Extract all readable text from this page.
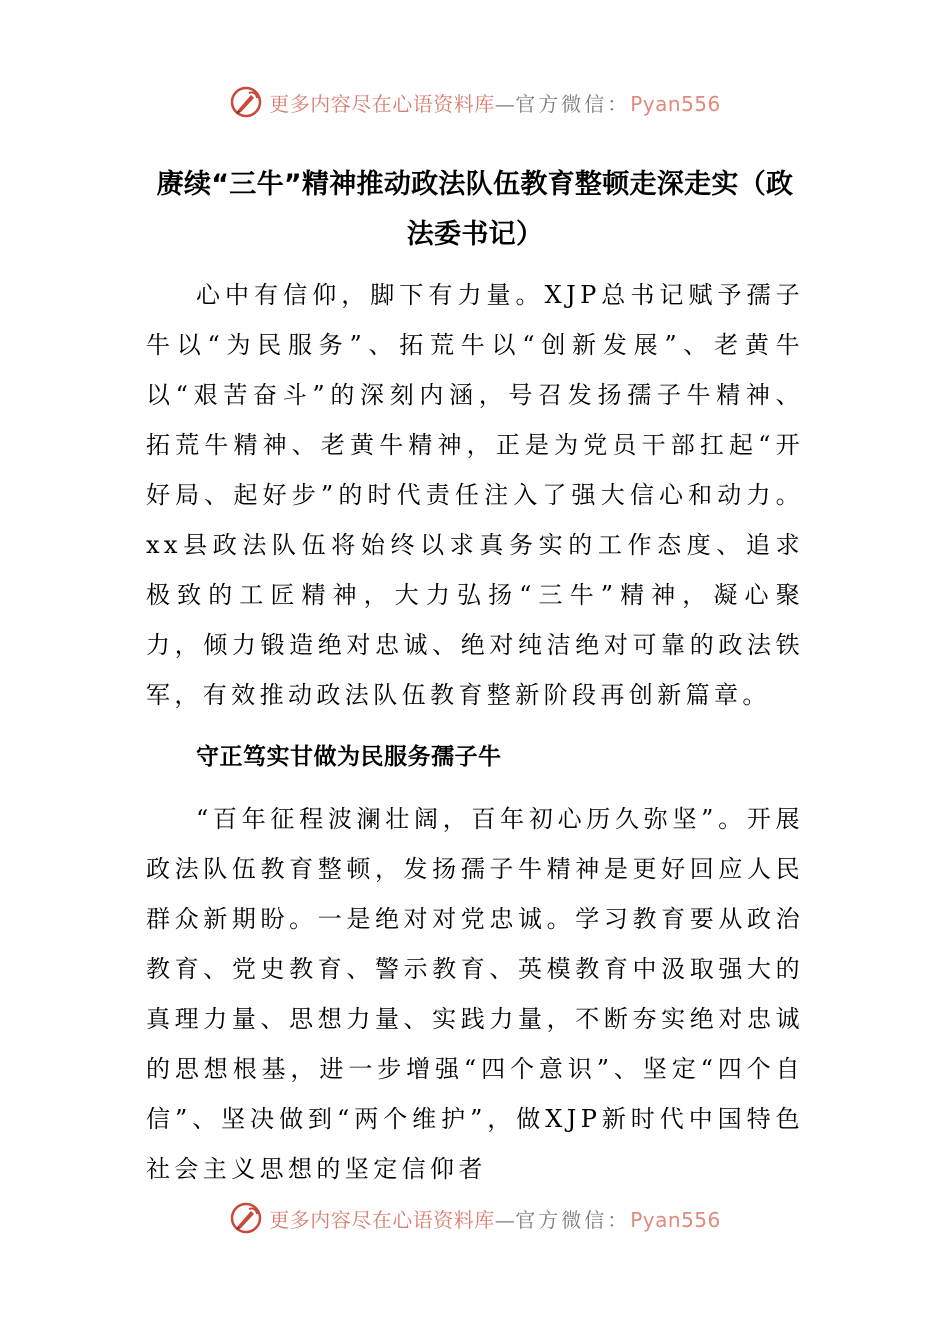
更多内容尽在心语资料库—官方微信：Pyan556
赓续“三牛”精神推动政法队伍教育整顿走深走实（政法委书记）

心中有信仰，脚下有力量。XJP总书记赋予孺子牛以“为民服务”、拓荒牛以“创新发展”、老黄牛以“艰苦奋斗”的深刻内涵，号召发扬孺子牛精神、拓荒牛精神、老黄牛精神，正是为党员干部扛起“开好局、起好步”的时代责任注入了强大信心和动力。xx县政法队伍将始终以求真务实的工作态度、追求极致的工匠精神，大力弘扬“三牛”精神，凝心聚力，倾力锻造绝对忠诚、绝对纯洁绝对可靠的政法铁军，有效推动政法队伍教育整新阶段再创新篇章。

守正笃实甘做为民服务孺子牛

“百年征程波澜壮阔，百年初心历久弥坚”。开展政法队伍教育整顿，发扬孺子牛精神是更好回应人民群众新期盼。一是绝对对党忠诚。学习教育要从政治教育、党史教育、警示教育、英模教育中汲取强大的真理力量、思想力量、实践力量，不断夯实绝对忠诚的思想根基，进一步增强“四个意识”、坚定“四个自信”、坚决做到“两个维护”，做XJP新时代中国特色社会主义思想的坚定信仰者

更多内容尽在心语资料库—官方微信：Pyan556
